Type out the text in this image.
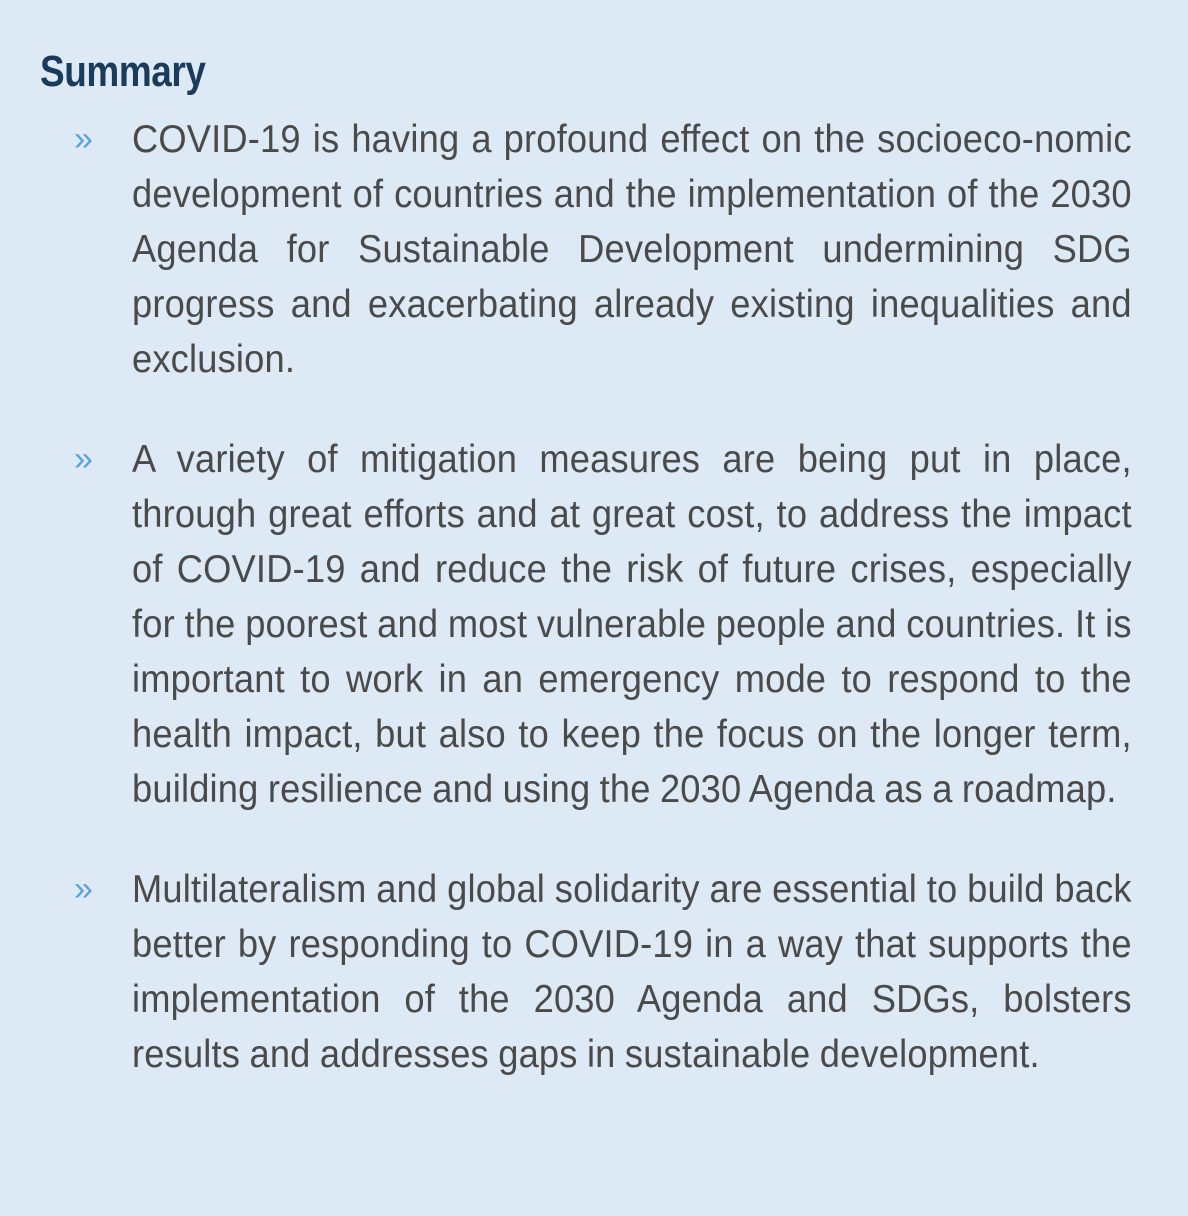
Summary
» COVID-19 is having a profound effect on the socioeco-nomic development of countries and the implementation of the 2030 Agenda for Sustainable Development undermining SDG progress and exacerbating already existing inequalities and exclusion.
» A variety of mitigation measures are being put in place, through great efforts and at great cost, to address the impact of COVID-19 and reduce the risk of future crises, especially for the poorest and most vulnerable people and countries. It is important to work in an emergency mode to respond to the health impact, but also to keep the focus on the longer term, building resilience and using the 2030 Agenda as a roadmap.
» Multilateralism and global solidarity are essential to build back better by responding to COVID-19 in a way that supports the implementation of the 2030 Agenda and SDGs, bolsters results and addresses gaps in sustainable development.
